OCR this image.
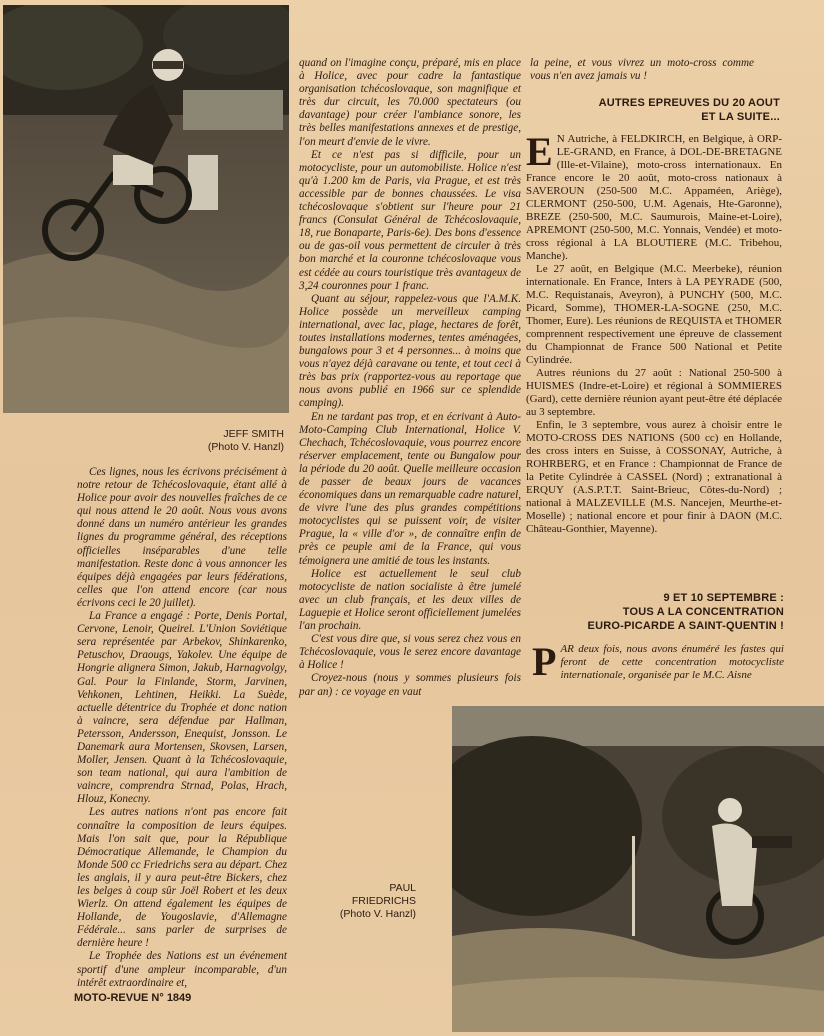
JEFF SMITH
(Photo V. Hanzl)

Ces lignes, nous les écrivons précisément à notre retour de Tchécoslovaquie, étant allé à Holice pour avoir des nouvelles fraîches de ce qui nous attend le 20 août. Nous vous avons donné dans un numéro antérieur les grandes lignes du programme général, des réceptions officielles inséparables d'une telle manifestation. Reste donc à vous annoncer les équipes déjà engagées par leurs fédérations, celles que l'on attend encore (car nous écrivons ceci le 20 juillet).

La France a engagé : Porte, Denis Portal, Cervone, Lenoir, Queirel. L'Union Soviétique sera représentée par Arbekov, Shinkarenko, Petuschov, Draougs, Yakolev. Une équipe de Hongrie alignera Simon, Jakub, Harnagvolgy, Gal. Pour la Finlande, Storm, Jarvinen, Vehkonen, Lehtinen, Heikki. La Suède, actuelle détentrice du Trophée et donc nation à vaincre, sera défendue par Hallman, Petersson, Andersson, Enequist, Jonsson. Le Danemark aura Mortensen, Skovsen, Larsen, Moller, Jensen. Quant à la Tchécoslovaquie, son team national, qui aura l'ambition de vaincre, comprendra Strnad, Polas, Hrach, Hlouz, Konecny.

Les autres nations n'ont pas encore fait connaître la composition de leurs équipes. Mais l'on sait que, pour la République Démocratique Allemande, le Champion du Monde 500 cc Friedrichs sera au départ. Chez les anglais, il y aura peut-être Bickers, chez les belges à coup sûr Joël Robert et les deux Wierlz. On attend également les équipes de Hollande, de Yougoslavie, d'Allemagne Fédérale... sans parler de surprises de dernière heure !

Le Trophée des Nations est un événement sportif d'une ampleur incomparable, d'un intérêt extraordinaire et,

quand on l'imagine conçu, préparé, mis en place à Holice, avec pour cadre la fantastique organisation tchécoslovaque, son magnifique et très dur circuit, les 70.000 spectateurs (ou davantage) pour créer l'ambiance sonore, les très belles manifestations annexes et de prestige, l'on meurt d'envie de le vivre.

Et ce n'est pas si difficile, pour un motocycliste, pour un automobiliste. Holice n'est qu'à 1.200 km de Paris, via Prague, et est très accessible par de bonnes chaussées. Le visa tchécoslovaque s'obtient sur l'heure pour 21 francs (Consulat Général de Tchécoslovaquie, 18, rue Bonaparte, Paris-6e). Des bons d'essence ou de gas-oil vous permettent de circuler à très bon marché et la couronne tchécoslovaque vous est cédée au cours touristique très avantageux de 3,24 couronnes pour 1 franc.

Quant au séjour, rappelez-vous que l'A.M.K. Holice possède un merveilleux camping international, avec lac, plage, hectares de forêt, toutes installations modernes, tentes aménagées, bungalows pour 3 et 4 personnes... à moins que vous n'ayez déjà caravane ou tente, et tout ceci à très bas prix (rapportez-vous au reportage que nous avons publié en 1966 sur ce splendide camping).

En ne tardant pas trop, et en écrivant à Auto-Moto-Camping Club International, Holice V. Chechach, Tchécoslovaquie, vous pourrez encore réserver emplacement, tente ou Bungalow pour la période du 20 août. Quelle meilleure occasion de passer de beaux jours de vacances économiques dans un remarquable cadre naturel, de vivre l'une des plus grandes compétitions motocyclistes qui se puissent voir, de visiter Prague, la « ville d'or », de connaître enfin de près ce peuple ami de la France, qui vous témoignera une amitié de tous les instants.

Holice est actuellement le seul club motocycliste de nation socialiste à être jumelé avec un club français, et les deux villes de Laguepie et Holice seront officiellement jumelées l'an prochain.

C'est vous dire que, si vous serez chez vous en Tchécoslovaquie, vous le serez encore davantage à Holice !

Croyez-nous (nous y sommes plusieurs fois par an) : ce voyage en vaut

la peine, et vous vivrez un moto-cross comme vous n'en avez jamais vu !

AUTRES EPREUVES DU 20 AOUT
ET LA SUITE...
E N Autriche, à FELDKIRCH, en Belgique, à ORP-LE-GRAND, en France, à DOL-DE-BRETAGNE (Ille-et-Vilaine), moto-cross internationaux. En France encore le 20 août, moto-cross nationaux à SAVEROUN (250-500 M.C. Appaméen, Ariège), CLERMONT (250-500, U.M. Agenais, Hte-Garonne), BREZE (250-500, M.C. Saumurois, Maine-et-Loire), APREMONT (250-500, M.C. Yonnais, Vendée) et moto-cross régional à LA BLOUTIERE (M.C. Tribehou, Manche).

Le 27 août, en Belgique (M.C. Meerbeke), réunion internationale. En France, Inters à LA PEYRADE (500, M.C. Requistanais, Aveyron), à PUNCHY (500, M.C. Picard, Somme), THOMER-LA-SOGNE (250, M.C. Thomer, Eure). Les réunions de REQUISTA et THOMER comprennent respectivement une épreuve de classement du Championnat de France 500 National et Petite Cylindrée.

Autres réunions du 27 août : National 250-500 à HUISMES (Indre-et-Loire) et régional à SOMMIERES (Gard), cette dernière réunion ayant peut-être été déplacée au 3 septembre.

Enfin, le 3 septembre, vous aurez à choisir entre le MOTO-CROSS DES NATIONS (500 cc) en Hollande, des cross inters en Suisse, à COSSONAY, Autriche, à ROHRBERG, et en France : Championnat de France de la Petite Cylindrée à CASSEL (Nord) ; extranational à ERQUY (A.S.P.T.T. Saint-Brieuc, Côtes-du-Nord) ; national à MALZEVILLE (M.S. Nancejen, Meurthe-et-Moselle) ; national encore et pour finir à DAON (M.C. Château-Gonthier, Mayenne).

9 ET 10 SEPTEMBRE :
TOUS A LA CONCENTRATION
EURO-PICARDE A SAINT-QUENTIN !
P AR deux fois, nous avons énuméré les fastes qui feront de cette concentration motocycliste internationale, organisée par le M.C. Aisne

PAUL
FRIEDRICHS
(Photo V. Hanzl)
MOTO-REVUE N° 1849
